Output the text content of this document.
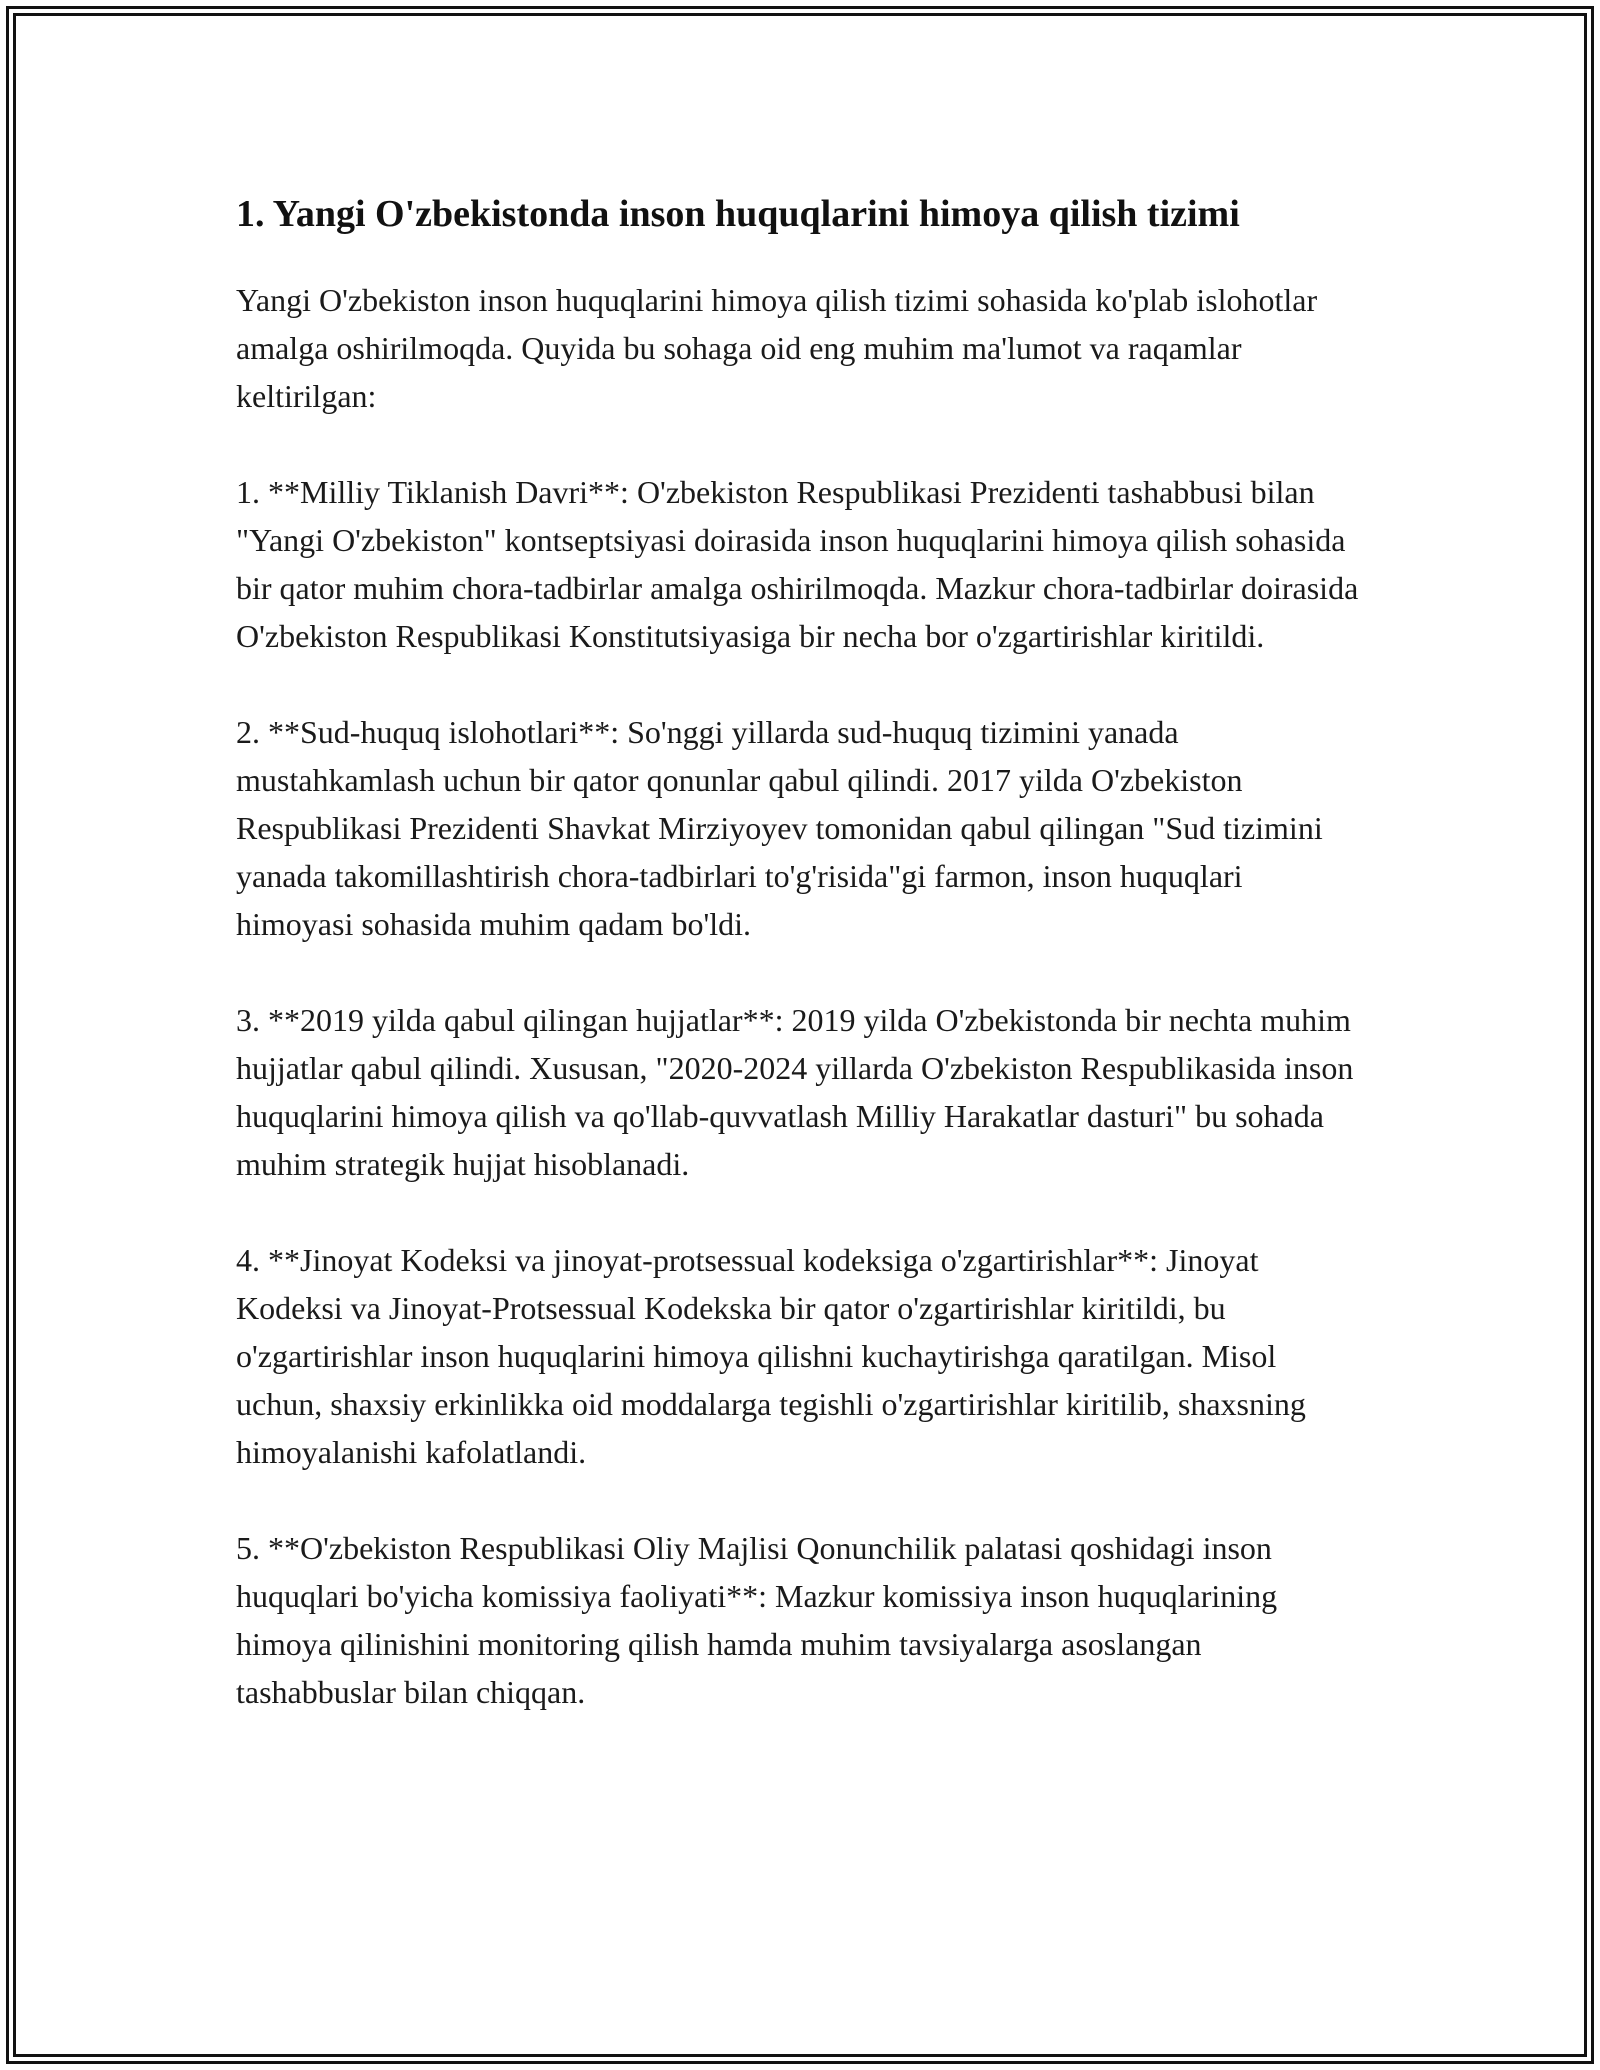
1. Yangi O'zbekistonda inson huquqlarini himoya qilish tizimi

Yangi O'zbekiston inson huquqlarini himoya qilish tizimi sohasida ko'plab islohotlar amalga oshirilmoqda. Quyida bu sohaga oid eng muhim ma'lumot va raqamlar keltirilgan:

1. **Milliy Tiklanish Davri**: O'zbekiston Respublikasi Prezidenti tashabbusi bilan "Yangi O'zbekiston" kontseptsiyasi doirasida inson huquqlarini himoya qilish sohasida bir qator muhim chora-tadbirlar amalga oshirilmoqda. Mazkur chora-tadbirlar doirasida O'zbekiston Respublikasi Konstitutsiyasiga bir necha bor o'zgartirishlar kiritildi.

2. **Sud-huquq islohotlari**: So'nggi yillarda sud-huquq tizimini yanada mustahkamlash uchun bir qator qonunlar qabul qilindi. 2017 yilda O'zbekiston Respublikasi Prezidenti Shavkat Mirziyoyev tomonidan qabul qilingan "Sud tizimini yanada takomillashtirish chora-tadbirlari to'g'risida"gi farmon, inson huquqlari himoyasi sohasida muhim qadam bo'ldi.

3. **2019 yilda qabul qilingan hujjatlar**: 2019 yilda O'zbekistonda bir nechta muhim hujjatlar qabul qilindi. Xususan, "2020-2024 yillarda O'zbekiston Respublikasida inson huquqlarini himoya qilish va qo'llab-quvvatlash Milliy Harakatlar dasturi" bu sohada muhim strategik hujjat hisoblanadi.

4. **Jinoyat Kodeksi va jinoyat-protsessual kodeksiga o'zgartirishlar**: Jinoyat Kodeksi va Jinoyat-Protsessual Kodekska bir qator o'zgartirishlar kiritildi, bu o'zgartirishlar inson huquqlarini himoya qilishni kuchaytirishga qaratilgan. Misol uchun, shaxsiy erkinlikka oid moddalarga tegishli o'zgartirishlar kiritilib, shaxsning himoyalanishi kafolatlandi.

5. **O'zbekiston Respublikasi Oliy Majlisi Qonunchilik palatasi qoshidagi inson huquqlari bo'yicha komissiya faoliyati**: Mazkur komissiya inson huquqlarining himoya qilinishini monitoring qilish hamda muhim tavsiyalarga asoslangan tashabbuslar bilan chiqqan.
